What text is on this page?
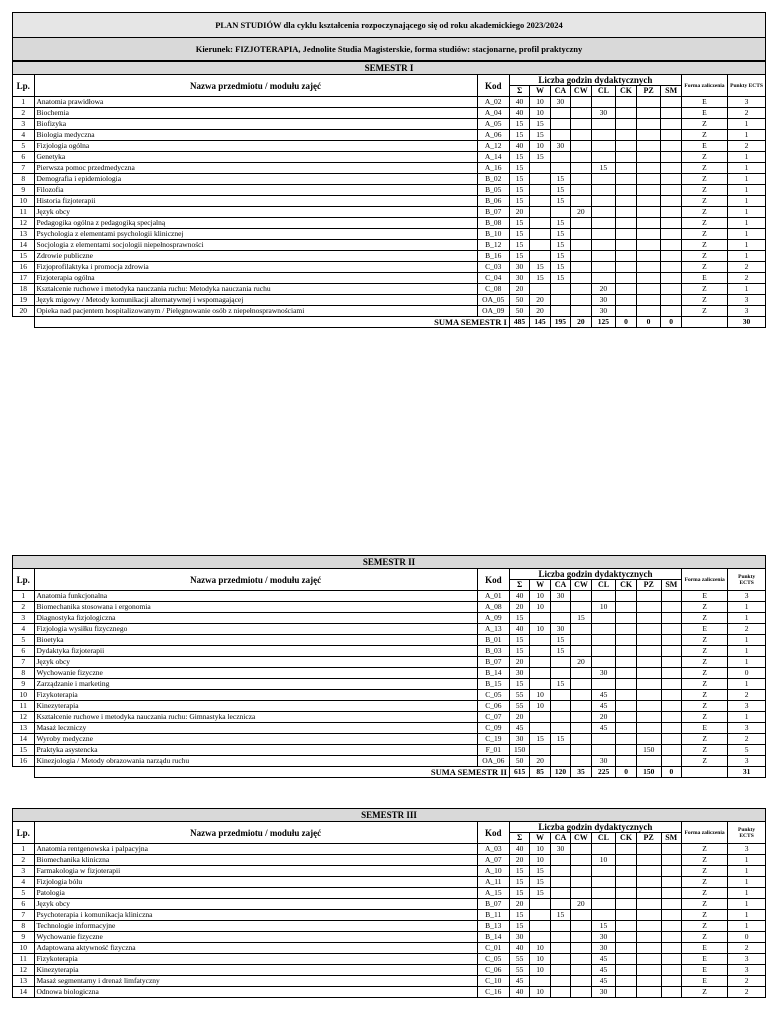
PLAN STUDIÓW dla cyklu kształcenia rozpoczynającego się od roku akademickiego 2023/2024
Kierunek: FIZJOTERAPIA, Jednolite Studia Magisterskie, forma studiów: stacjonarne, profil praktyczny
SEMESTR I												
Lp.	Nazwa przedmiotu / modułu zajęć	Kod	Liczba godzin dydaktycznych								Forma zaliczenia	Punkty ECTS
			Σ	W	CA	CW	CL	CK	PZ	SM		
1	Anatomia prawidłowa	A_02	40	10	30						E	3
2	Biochemia	A_04	40	10			30				E	2
3	Biofizyka	A_05	15	15							Z	1
4	Biologia medyczna	A_06	15	15							Z	1
5	Fizjologia ogólna	A_12	40	10	30						E	2
6	Genetyka	A_14	15	15							Z	1
7	Pierwsza pomoc przedmedyczna	A_16	15				15				Z	1
8	Demografia i epidemiologia	B_02	15		15						Z	1
9	Filozofia	B_05	15		15						Z	1
10	Historia fizjoterapii	B_06	15		15						Z	1
11	Język obcy	B_07	20			20					Z	1
12	Pedagogika ogólna z pedagogiką specjalną	B_08	15		15						Z	1
13	Psychologia z elementami psychologii klinicznej	B_10	15		15						Z	1
14	Socjologia z elementami socjologii niepełnosprawności	B_12	15		15						Z	1
15	Zdrowie publiczne	B_16	15		15						Z	1
16	Fizjoprofilaktyka i promocja zdrowia	C_03	30	15	15						Z	2
17	Fizjoterapia ogólna	C_04	30	15	15						E	2
18	Kształcenie ruchowe i metodyka nauczania ruchu: Metodyka nauczania ruchu	C_08	20				20				Z	1
19	Język migowy / Metody komunikacji alternatywnej i wspomagającej	OA_05	50	20			30				Z	3
20	Opieka nad pacjentem hospitalizowanym / Pielęgnowanie osób z niepełnosprawnościami	OA_09	50	20			30				Z	3
	SUMA SEMESTR I		485	145	195	20	125	0	0	0		30
SEMESTR II												
Lp.	Nazwa przedmiotu / modułu zajęć	Kod	Liczba godzin dydaktycznych								Forma zaliczenia	Punkty ECTS
			Σ	W	CA	CW	CL	CK	PZ	SM		
1	Anatomia funkcjonalna	A_01	40	10	30						E	3
2	Biomechanika stosowana i ergonomia	A_08	20	10			10				Z	1
3	Diagnostyka fizjologiczna	A_09	15			15					Z	1
4	Fizjologia wysiłku fizycznego	A_13	40	10	30						E	2
5	Bioetyka	B_01	15		15						Z	1
6	Dydaktyka fizjoterapii	B_03	15		15						Z	1
7	Język obcy	B_07	20			20					Z	1
8	Wychowanie fizyczne	B_14	30				30				Z	0
9	Zarządzanie i marketing	B_15	15		15						Z	1
10	Fizykoterapia	C_05	55	10			45				Z	2
11	Kinezyterapia	C_06	55	10			45				Z	3
12	Kształcenie ruchowe i metodyka nauczania ruchu: Gimnastyka lecznicza	C_07	20				20				Z	1
13	Masaż leczniczy	C_09	45				45				E	3
14	Wyroby medyczne	C_19	30	15	15						Z	2
15	Praktyka asystencka	F_01	150						150		Z	5
16	Kinezjologia / Metody obrazowania narządu ruchu	OA_06	50	20			30				Z	3
	SUMA SEMESTR II		615	85	120	35	225	0	150	0		31
SEMESTR III												
Lp.	Nazwa przedmiotu / modułu zajęć	Kod	Liczba godzin dydaktycznych								Forma zaliczenia	Punkty ECTS
			Σ	W	CA	CW	CL	CK	PZ	SM		
1	Anatomia rentgenowska i palpacyjna	A_03	40	10	30						Z	3
2	Biomechanika kliniczna	A_07	20	10			10				Z	1
3	Farmakologia w fizjoterapii	A_10	15	15							Z	1
4	Fizjologia bólu	A_11	15	15							Z	1
5	Patologia	A_15	15	15							Z	1
6	Język obcy	B_07	20			20					Z	1
7	Psychoterapia i komunikacja kliniczna	B_11	15		15						Z	1
8	Technologie informacyjne	B_13	15				15				Z	1
9	Wychowanie fizyczne	B_14	30				30				Z	0
10	Adaptowana aktywność fizyczna	C_01	40	10			30				E	2
11	Fizykoterapia	C_05	55	10			45				E	3
12	Kinezyterapia	C_06	55	10			45				E	3
13	Masaż segmentarny i drenaż limfatyczny	C_10	45				45				E	2
14	Odnowa biologiczna	C_16	40	10			30				Z	2
